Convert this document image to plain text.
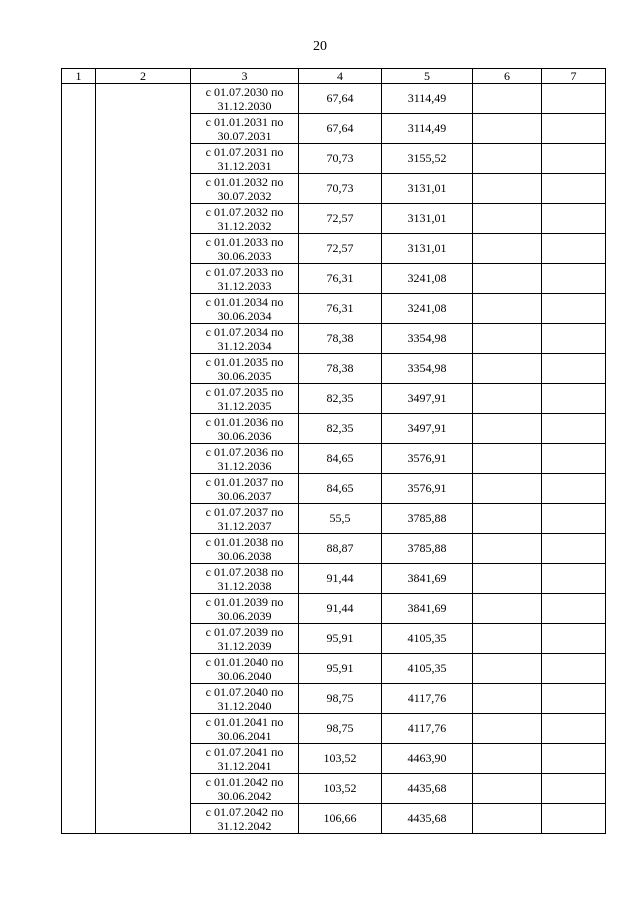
20
1	2	3	4	5	6	7
		с 01.07.2030 по 31.12.2030	67,64	3114,49		
		с 01.01.2031 по 30.07.2031	67,64	3114,49		
		с 01.07.2031 по 31.12.2031	70,73	3155,52		
		с 01.01.2032 по 30.07.2032	70,73	3131,01		
		с 01.07.2032 по 31.12.2032	72,57	3131,01		
		с 01.01.2033 по 30.06.2033	72,57	3131,01		
		с 01.07.2033 по 31.12.2033	76,31	3241,08		
		с 01.01.2034 по 30.06.2034	76,31	3241,08		
		с 01.07.2034 по 31.12.2034	78,38	3354,98		
		с 01.01.2035 по 30.06.2035	78,38	3354,98		
		с 01.07.2035 по 31.12.2035	82,35	3497,91		
		с 01.01.2036 по 30.06.2036	82,35	3497,91		
		с 01.07.2036 по 31.12.2036	84,65	3576,91		
		с 01.01.2037 по 30.06.2037	84,65	3576,91		
		с 01.07.2037 по 31.12.2037	55,5	3785,88		
		с 01.01.2038 по 30.06.2038	88,87	3785,88		
		с 01.07.2038 по 31.12.2038	91,44	3841,69		
		с 01.01.2039 по 30.06.2039	91,44	3841,69		
		с 01.07.2039 по 31.12.2039	95,91	4105,35		
		с 01.01.2040 по 30.06.2040	95,91	4105,35		
		с 01.07.2040 по 31.12.2040	98,75	4117,76		
		с 01.01.2041 по 30.06.2041	98,75	4117,76		
		с 01.07.2041 по 31.12.2041	103,52	4463,90		
		с 01.01.2042 по 30.06.2042	103,52	4435,68		
		с 01.07.2042 по 31.12.2042	106,66	4435,68		
